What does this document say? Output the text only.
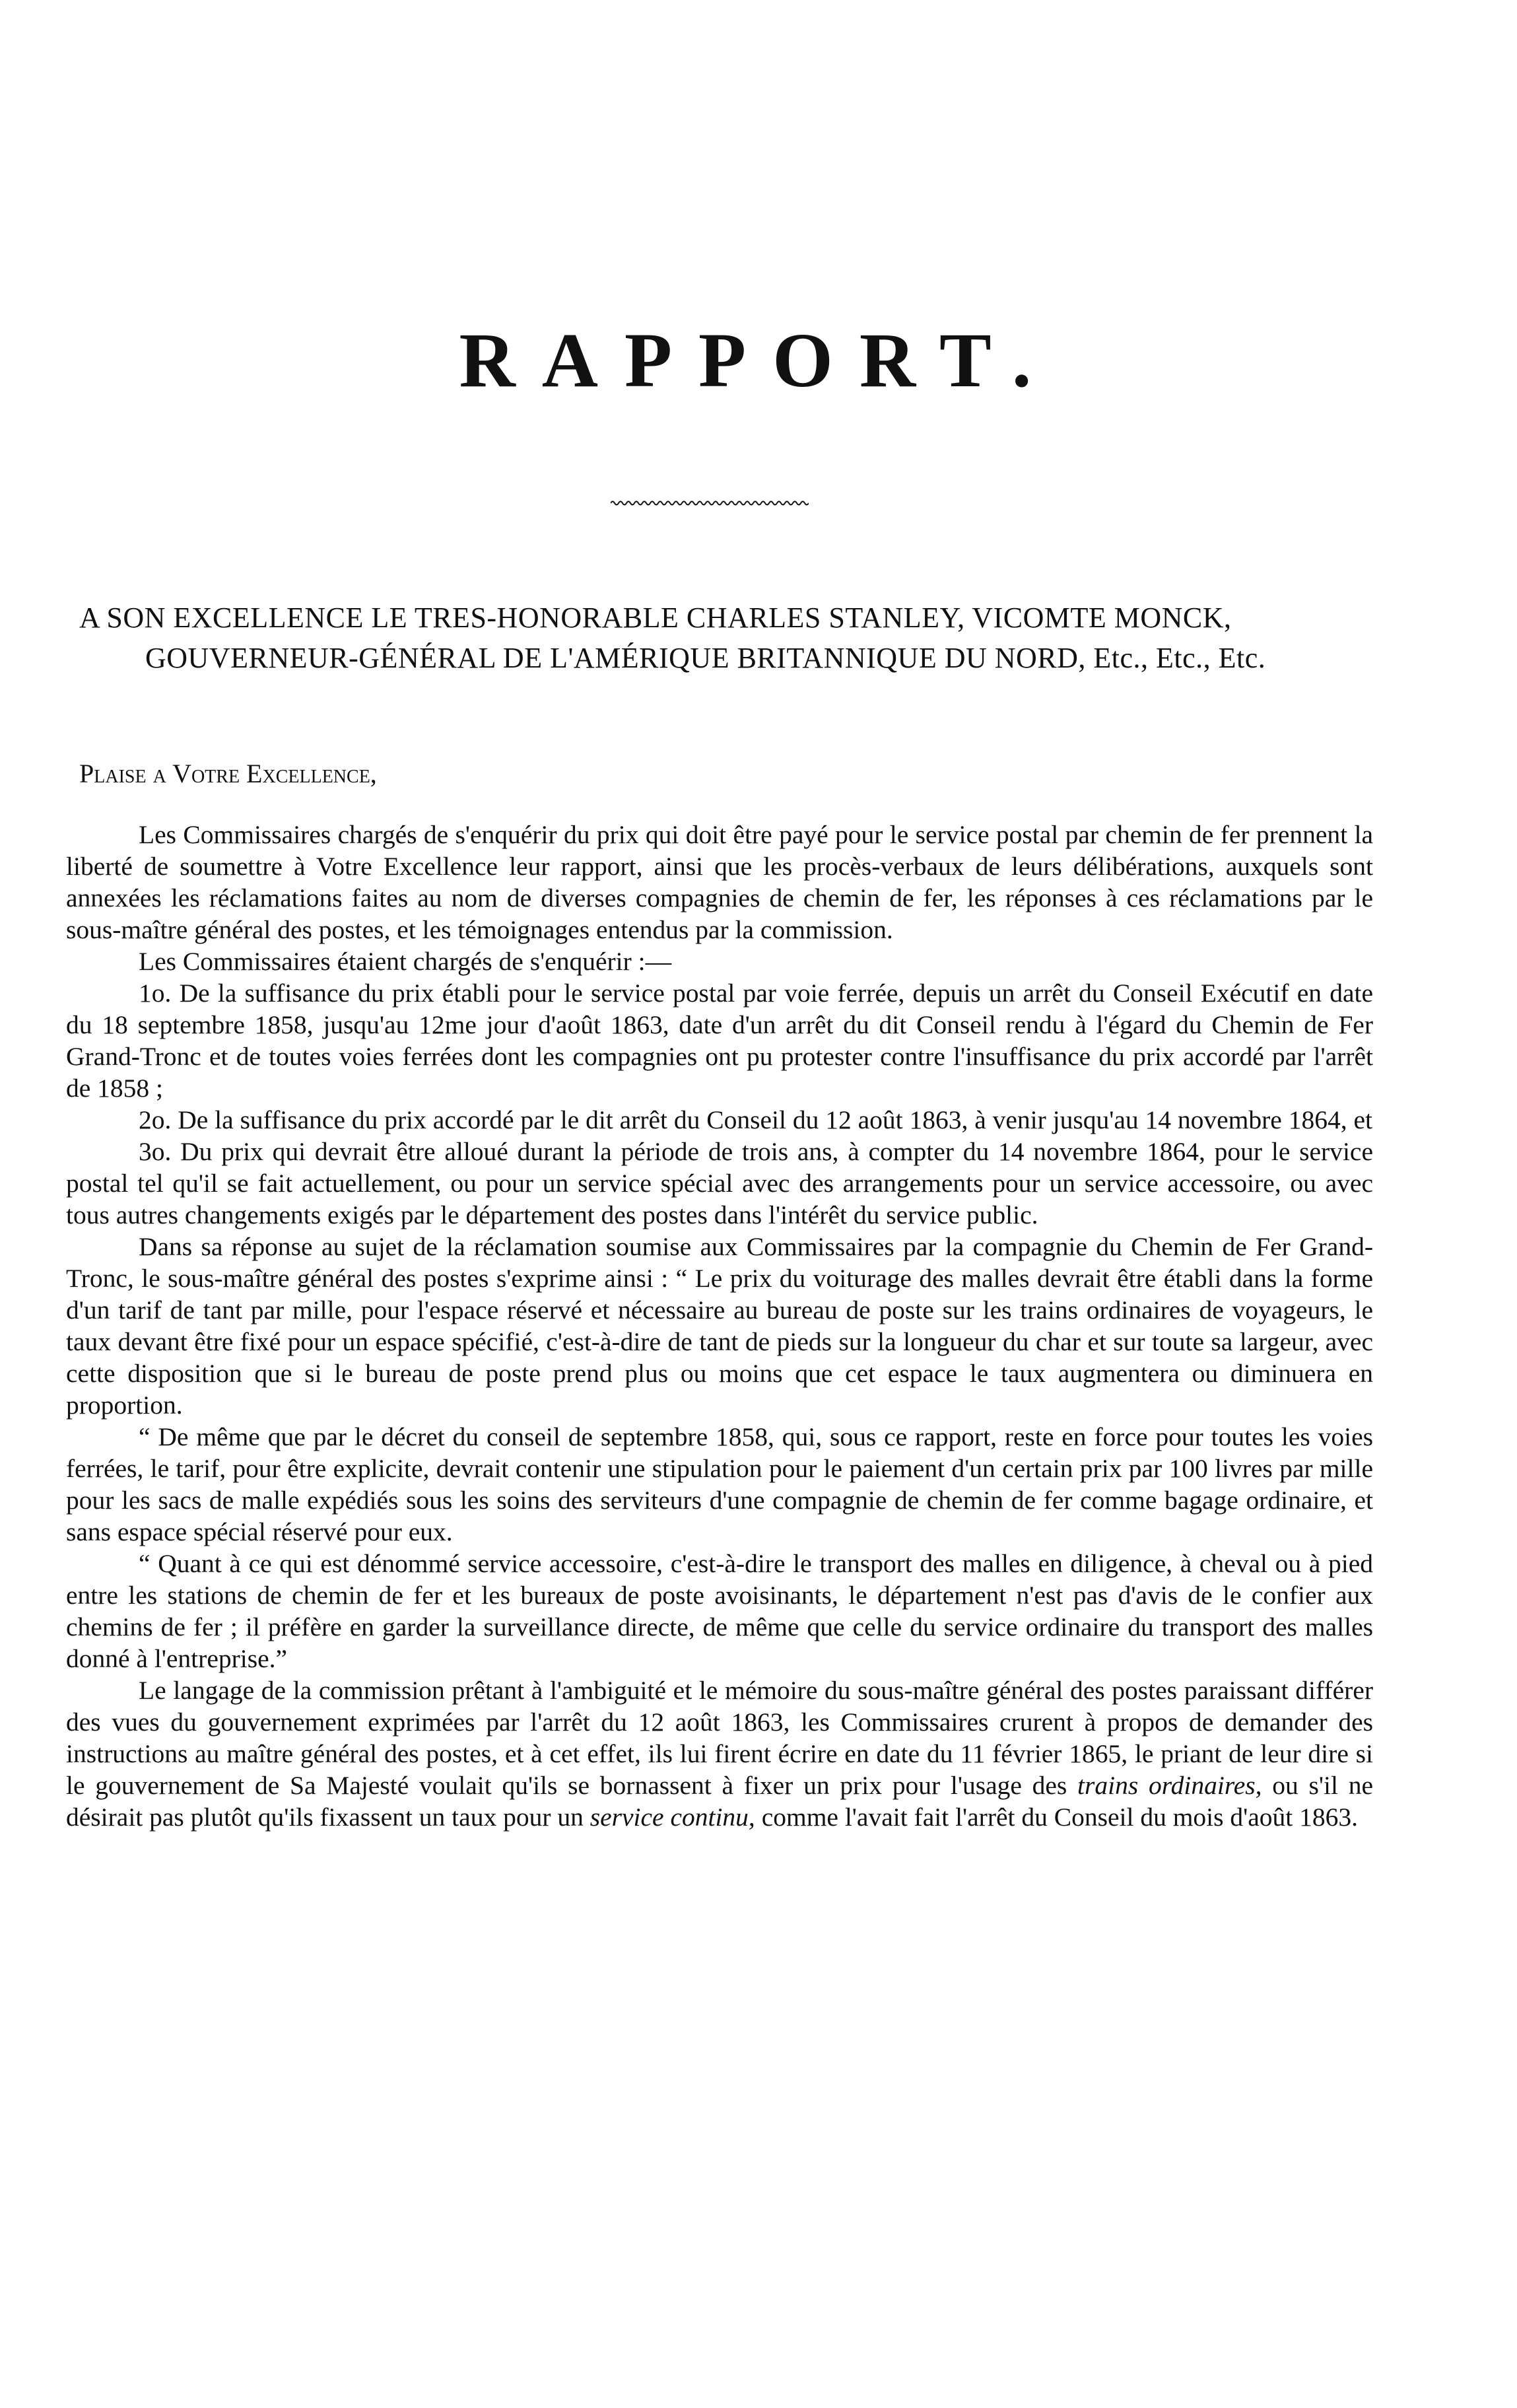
RAPPORT.

A SON EXCELLENCE LE TRES-HONORABLE CHARLES STANLEY, VICOMTE MONCK, GOUVERNEUR-GÉNÉRAL DE L'AMÉRIQUE BRITANNIQUE DU NORD, Etc., Etc., Etc.

Plaise a Votre Excellence,

Les Commissaires chargés de s'enquérir du prix qui doit être payé pour le service postal par chemin de fer prennent la liberté de soumettre à Votre Excellence leur rapport, ainsi que les procès-verbaux de leurs délibérations, auxquels sont annexées les réclamations faites au nom de diverses compagnies de chemin de fer, les réponses à ces réclamations par le sous-maître général des postes, et les témoignages entendus par la commission.

Les Commissaires étaient chargés de s'enquérir :—

1o. De la suffisance du prix établi pour le service postal par voie ferrée, depuis un arrêt du Conseil Exécutif en date du 18 septembre 1858, jusqu'au 12me jour d'août 1863, date d'un arrêt du dit Conseil rendu à l'égard du Chemin de Fer Grand-Tronc et de toutes voies ferrées dont les compagnies ont pu protester contre l'insuffisance du prix accordé par l'arrêt de 1858 ;

2o. De la suffisance du prix accordé par le dit arrêt du Conseil du 12 août 1863, à venir jusqu'au 14 novembre 1864, et

3o. Du prix qui devrait être alloué durant la période de trois ans, à compter du 14 novembre 1864, pour le service postal tel qu'il se fait actuellement, ou pour un service spécial avec des arrangements pour un service accessoire, ou avec tous autres changements exigés par le département des postes dans l'intérêt du service public.

Dans sa réponse au sujet de la réclamation soumise aux Commissaires par la compagnie du Chemin de Fer Grand-Tronc, le sous-maître général des postes s'exprime ainsi : “ Le prix du voiturage des malles devrait être établi dans la forme d'un tarif de tant par mille, pour l'espace réservé et nécessaire au bureau de poste sur les trains ordinaires de voyageurs, le taux devant être fixé pour un espace spécifié, c'est-à-dire de tant de pieds sur la longueur du char et sur toute sa largeur, avec cette disposition que si le bureau de poste prend plus ou moins que cet espace le taux augmentera ou diminuera en proportion.

“ De même que par le décret du conseil de septembre 1858, qui, sous ce rapport, reste en force pour toutes les voies ferrées, le tarif, pour être explicite, devrait contenir une stipulation pour le paiement d'un certain prix par 100 livres par mille pour les sacs de malle expédiés sous les soins des serviteurs d'une compagnie de chemin de fer comme bagage ordinaire, et sans espace spécial réservé pour eux.

“ Quant à ce qui est dénommé service accessoire, c'est-à-dire le transport des malles en diligence, à cheval ou à pied entre les stations de chemin de fer et les bureaux de poste avoisinants, le département n'est pas d'avis de le confier aux chemins de fer ; il préfère en garder la surveillance directe, de même que celle du service ordinaire du transport des malles donné à l'entreprise.”

Le langage de la commission prêtant à l'ambiguité et le mémoire du sous-maître général des postes paraissant différer des vues du gouvernement exprimées par l'arrêt du 12 août 1863, les Commissaires crurent à propos de demander des instructions au maître général des postes, et à cet effet, ils lui firent écrire en date du 11 février 1865, le priant de leur dire si le gouvernement de Sa Majesté voulait qu'ils se bornassent à fixer un prix pour l'usage des trains ordinaires, ou s'il ne désirait pas plutôt qu'ils fixassent un taux pour un service continu, comme l'avait fait l'arrêt du Conseil du mois d'août 1863.
